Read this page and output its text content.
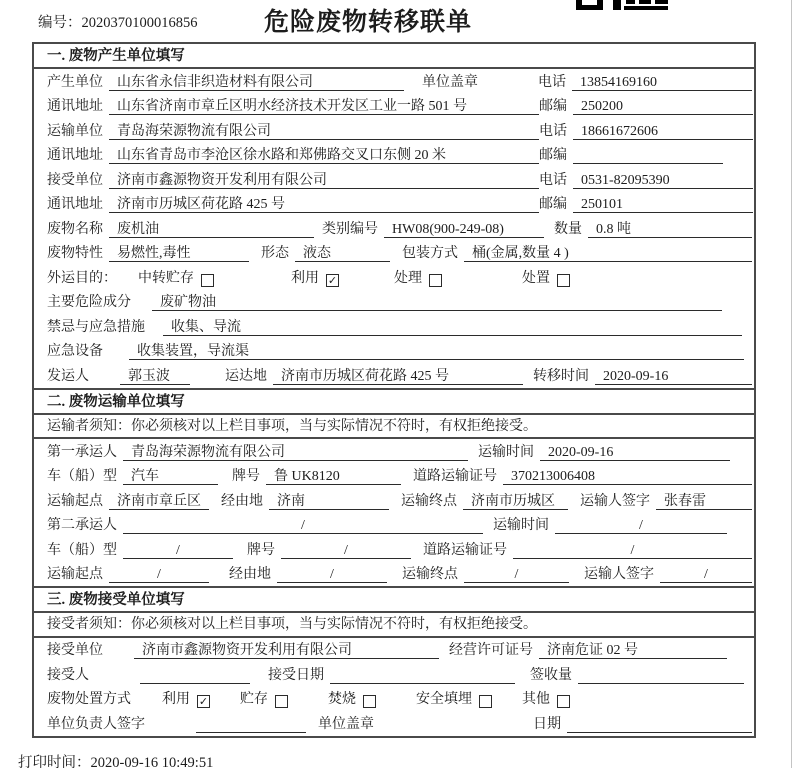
编号：2020370100016856	危险废物转移联单
一. 废物产生单位填写
产生单位	山东省永信非织造材料有限公司	单位盖章	电话	13854169160
通讯地址	山东省济南市章丘区明水经济技术开发区工业一路 501 号	邮编	250200
运输单位	青岛海荣源物流有限公司	电话	18661672606
通讯地址	山东省青岛市李沧区徐水路和郑佛路交叉口东侧 20 米	邮编
接受单位	济南市鑫源物资开发利用有限公司	电话	0531-82095390
通讯地址	济南市历城区荷花路 425 号	邮编	250101
废物名称	废机油	类别编号	HW08(900-249-08)	数量	0.8 吨
废物特性	易燃性,毒性	形态	液态	包装方式	桶(金属,数量 4 )
外运目的： 中转贮存	利用 ✓	处理	处置
主要危险成分	废矿物油
禁忌与应急措施	收集、导流
应急设备	收集装置，导流渠
发运人	郭玉波	运达地	济南市历城区荷花路 425 号	转移时间	2020-09-16
二. 废物运输单位填写
运输者须知：你必须核对以上栏目事项，当与实际情况不符时，有权拒绝接受。
第一承运人	青岛海荣源物流有限公司	运输时间	2020-09-16
车（船）型	汽车	牌号	鲁 UK8120	道路运输证号	370213006408
运输起点	济南市章丘区	经由地	济南	运输终点	济南市历城区	运输人签字	张春雷
第二承运人	/	运输时间	/
车（船）型	/	牌号	/	道路运输证号	/
运输起点	/	经由地	/	运输终点	/	运输人签字	/
三. 废物接受单位填写
接受者须知：你必须核对以上栏目事项，当与实际情况不符时，有权拒绝接受。
接受单位	济南市鑫源物资开发利用有限公司	经营许可证号	济南危证 02 号
接受人	接受日期	签收量
废物处置方式 利用 ✓ 贮存	焚烧	安全填埋	其他
单位负责人签字	单位盖章	日期
打印时间：2020-09-16 10:49:51
